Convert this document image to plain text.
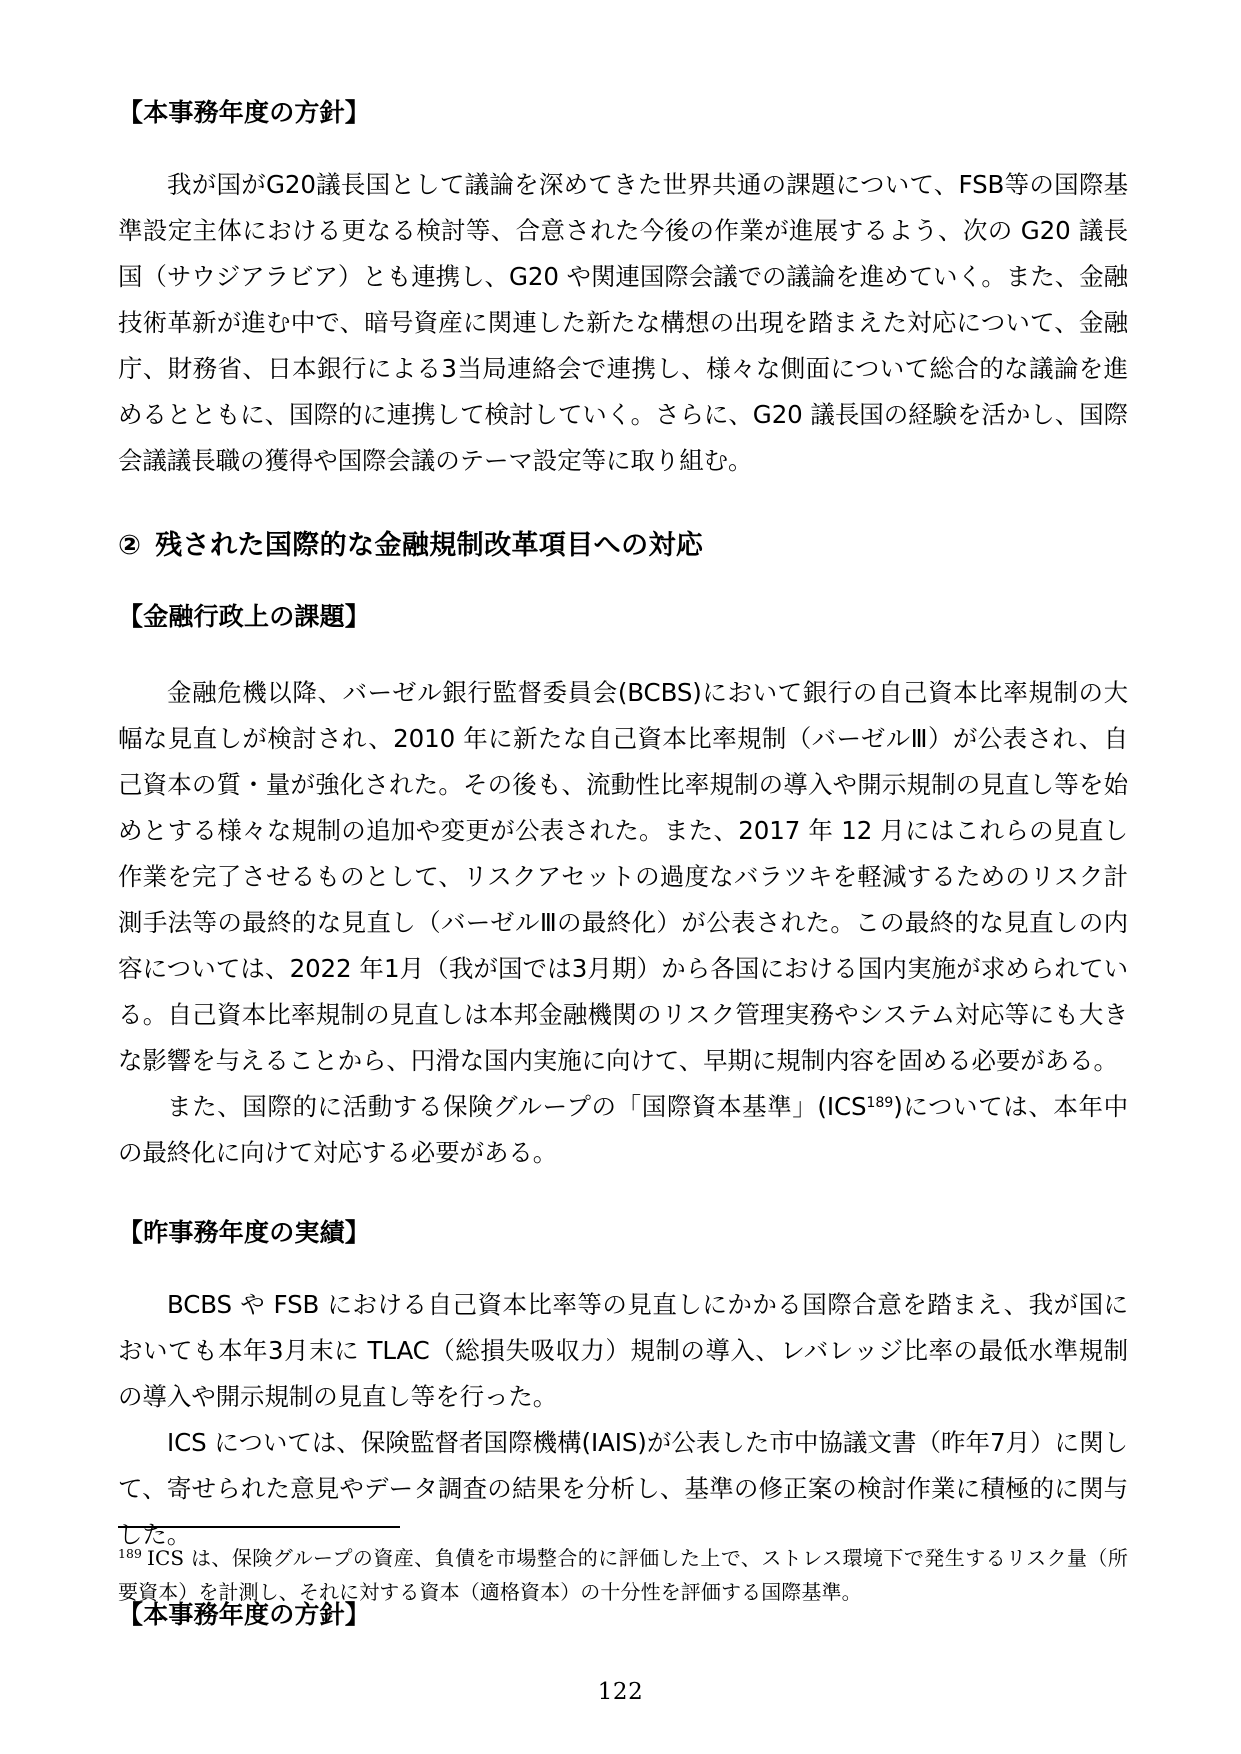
【本事務年度の方針】

我が国がG20議長国として議論を深めてきた世界共通の課題について、FSB等の国際基準設定主体における更なる検討等、合意された今後の作業が進展するよう、次の G20 議長国（サウジアラビア）とも連携し、G20 や関連国際会議での議論を進めていく。また、金融技術革新が進む中で、暗号資産に関連した新たな構想の出現を踏まえた対応について、金融庁、財務省、日本銀行による3当局連絡会で連携し、様々な側面について総合的な議論を進めるとともに、国際的に連携して検討していく。さらに、G20 議長国の経験を活かし、国際会議議長職の獲得や国際会議のテーマ設定等に取り組む。

② 残された国際的な金融規制改革項目への対応
【金融行政上の課題】

金融危機以降、バーゼル銀行監督委員会(BCBS)において銀行の自己資本比率規制の大幅な見直しが検討され、2010 年に新たな自己資本比率規制（バーゼルⅢ）が公表され、自己資本の質・量が強化された。その後も、流動性比率規制の導入や開示規制の見直し等を始めとする様々な規制の追加や変更が公表された。また、2017 年 12 月にはこれらの見直し作業を完了させるものとして、リスクアセットの過度なバラツキを軽減するためのリスク計測手法等の最終的な見直し（バーゼルⅢの最終化）が公表された。この最終的な見直しの内容については、2022 年1月（我が国では3月期）から各国における国内実施が求められている。自己資本比率規制の見直しは本邦金融機関のリスク管理実務やシステム対応等にも大きな影響を与えることから、円滑な国内実施に向けて、早期に規制内容を固める必要がある。

また、国際的に活動する保険グループの「国際資本基準」(ICS$^{189}$)については、本年中の最終化に向けて対応する必要がある。

【昨事務年度の実績】

BCBS や FSB における自己資本比率等の見直しにかかる国際合意を踏まえ、我が国においても本年3月末に TLAC（総損失吸収力）規制の導入、レバレッジ比率の最低水準規制の導入や開示規制の見直し等を行った。

ICS については、保険監督者国際機構(IAIS)が公表した市中協議文書（昨年7月）に関して、寄せられた意見やデータ調査の結果を分析し、基準の修正案の検討作業に積極的に関与した。

【本事務年度の方針】

$^{189}$ ICS は、保険グループの資産、負債を市場整合的に評価した上で、ストレス環境下で発生するリスク量（所要資本）を計測し、それに対する資本（適格資本）の十分性を評価する国際基準。

122
